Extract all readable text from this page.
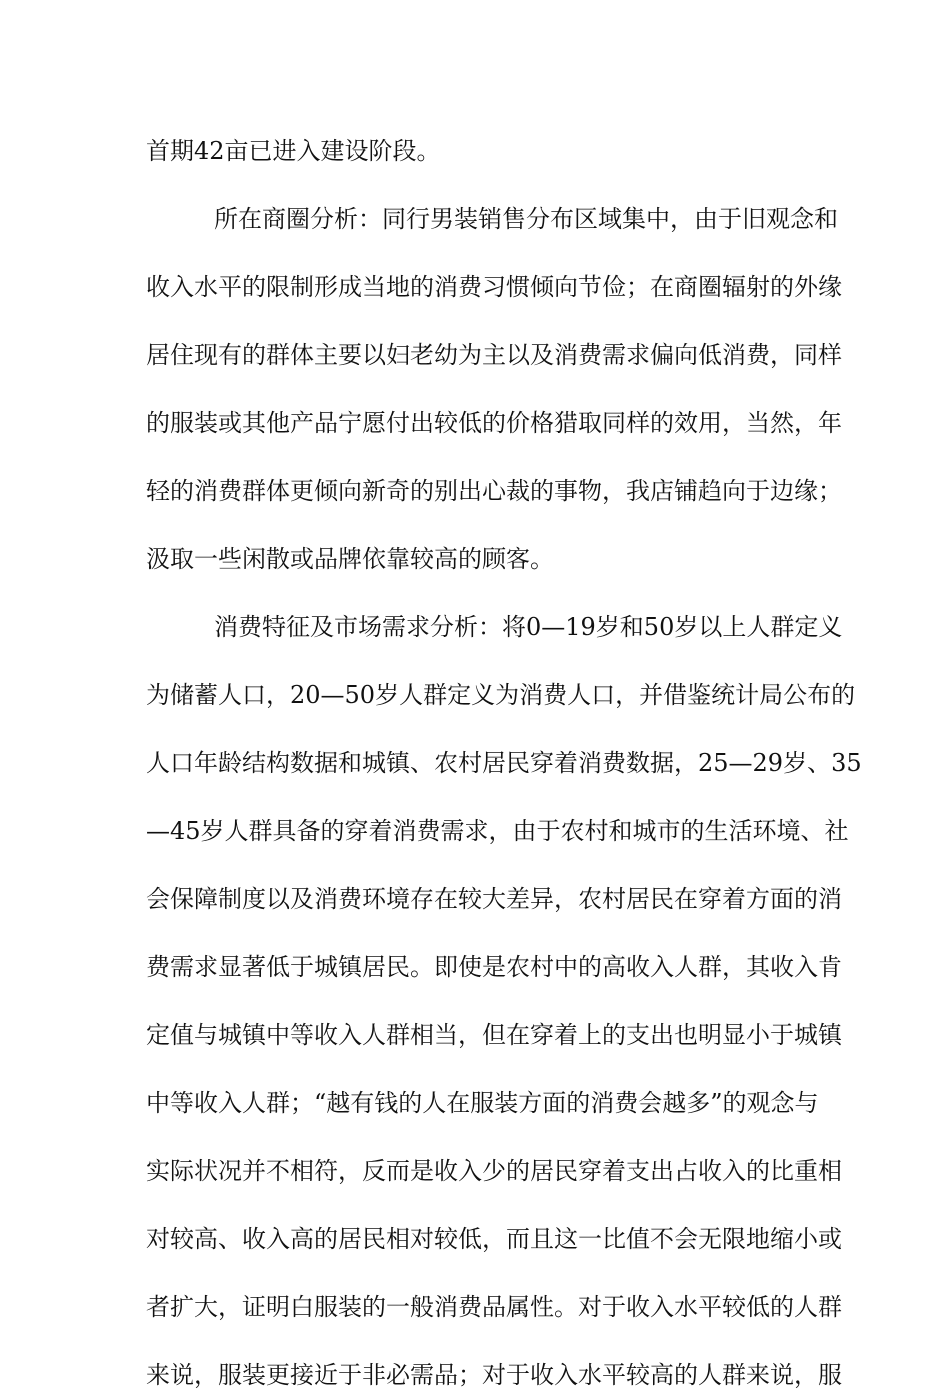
首期42亩已进入建设阶段。
所在商圈分析：同行男装销售分布区域集中，由于旧观念和
收入水平的限制形成当地的消费习惯倾向节俭；在商圈辐射的外缘
居住现有的群体主要以妇老幼为主以及消费需求偏向低消费，同样
的服装或其他产品宁愿付出较低的价格猎取同样的效用，当然，年
轻的消费群体更倾向新奇的别出心裁的事物，我店铺趋向于边缘；
汲取一些闲散或品牌依靠较高的顾客。
消费特征及市场需求分析：将0—19岁和50岁以上人群定义
为储蓄人口，20—50岁人群定义为消费人口，并借鉴统计局公布的
人口年龄结构数据和城镇、农村居民穿着消费数据，25—29岁、35
—45岁人群具备的穿着消费需求，由于农村和城市的生活环境、社
会保障制度以及消费环境存在较大差异，农村居民在穿着方面的消
费需求显著低于城镇居民。即使是农村中的高收入人群，其收入肯
定值与城镇中等收入人群相当，但在穿着上的支出也明显小于城镇
中等收入人群；“越有钱的人在服装方面的消费会越多”的观念与
实际状况并不相符，反而是收入少的居民穿着支出占收入的比重相
对较高、收入高的居民相对较低，而且这一比值不会无限地缩小或
者扩大，证明白服装的一般消费品属性。对于收入水平较低的人群
来说，服装更接近于非必需品；对于收入水平较高的人群来说，服
